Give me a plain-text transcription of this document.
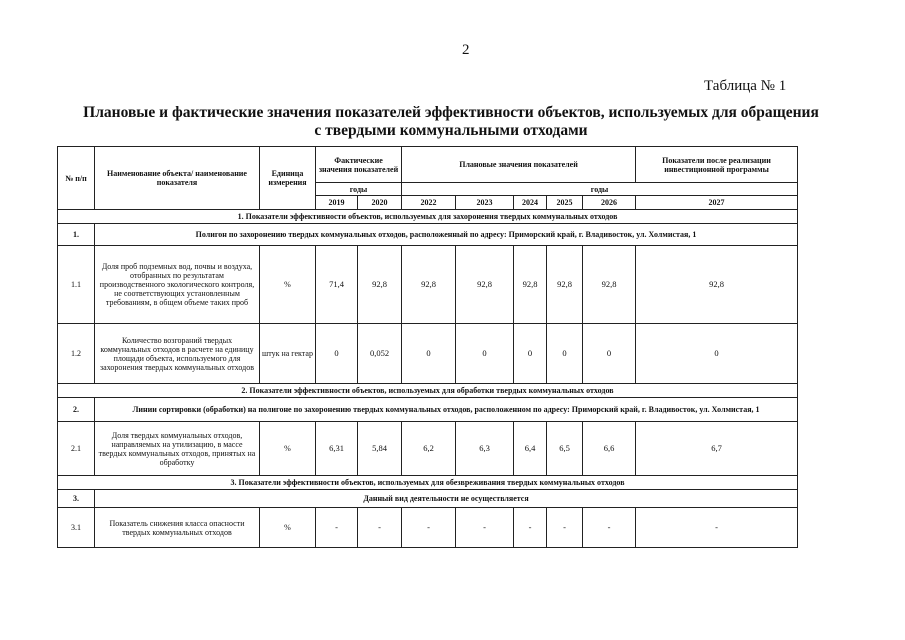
2
Таблица № 1
Плановые и фактические значения показателей эффективности объектов, используемых для обращения
с твердыми коммунальными отходами
№ п/п	Наименование объекта/ наименование показателя	Единица измерения	Фактические значения показателей		Плановые значения показателей					Показатели после реализации инвестиционной программы
			годы		годы					
			2019	2020	2022	2023	2024	2025	2026	2027
1. Показатели эффективности объектов, используемых для захоронения твердых коммунальных отходов										
1.	Полигон по захоронению твердых коммунальных отходов, расположенный по адресу: Приморский край, г. Владивосток, ул. Холмистая, 1									
1.1	Доля проб подземных вод, почвы и воздуха, отобранных по результатам производственного экологического контроля, не соответствующих установленным требованиям, в общем объеме таких проб	%	71,4	92,8	92,8	92,8	92,8	92,8	92,8	92,8
1.2	Количество возгораний твердых коммунальных отходов в расчете на единицу площади объекта, используемого для захоронения твердых коммунальных отходов	штук на гектар	0	0,052	0	0	0	0	0	0
2. Показатели эффективности объектов, используемых для обработки твердых коммунальных отходов										
2.	Линии сортировки (обработки) на полигоне по захоронению твердых коммунальных отходов, расположенном по адресу: Приморский край, г. Владивосток, ул. Холмистая, 1									
2.1	Доля твердых коммунальных отходов, направляемых на утилизацию, в массе твердых коммунальных отходов, принятых на обработку	%	6,31	5,84	6,2	6,3	6,4	6,5	6,6	6,7
3. Показатели эффективности объектов, используемых для обезвреживания твердых коммунальных отходов										
3.	Данный вид деятельности не осуществляется									
3.1	Показатель снижения класса опасности твердых коммунальных отходов	%	-	-	-	-	-	-	-	-
